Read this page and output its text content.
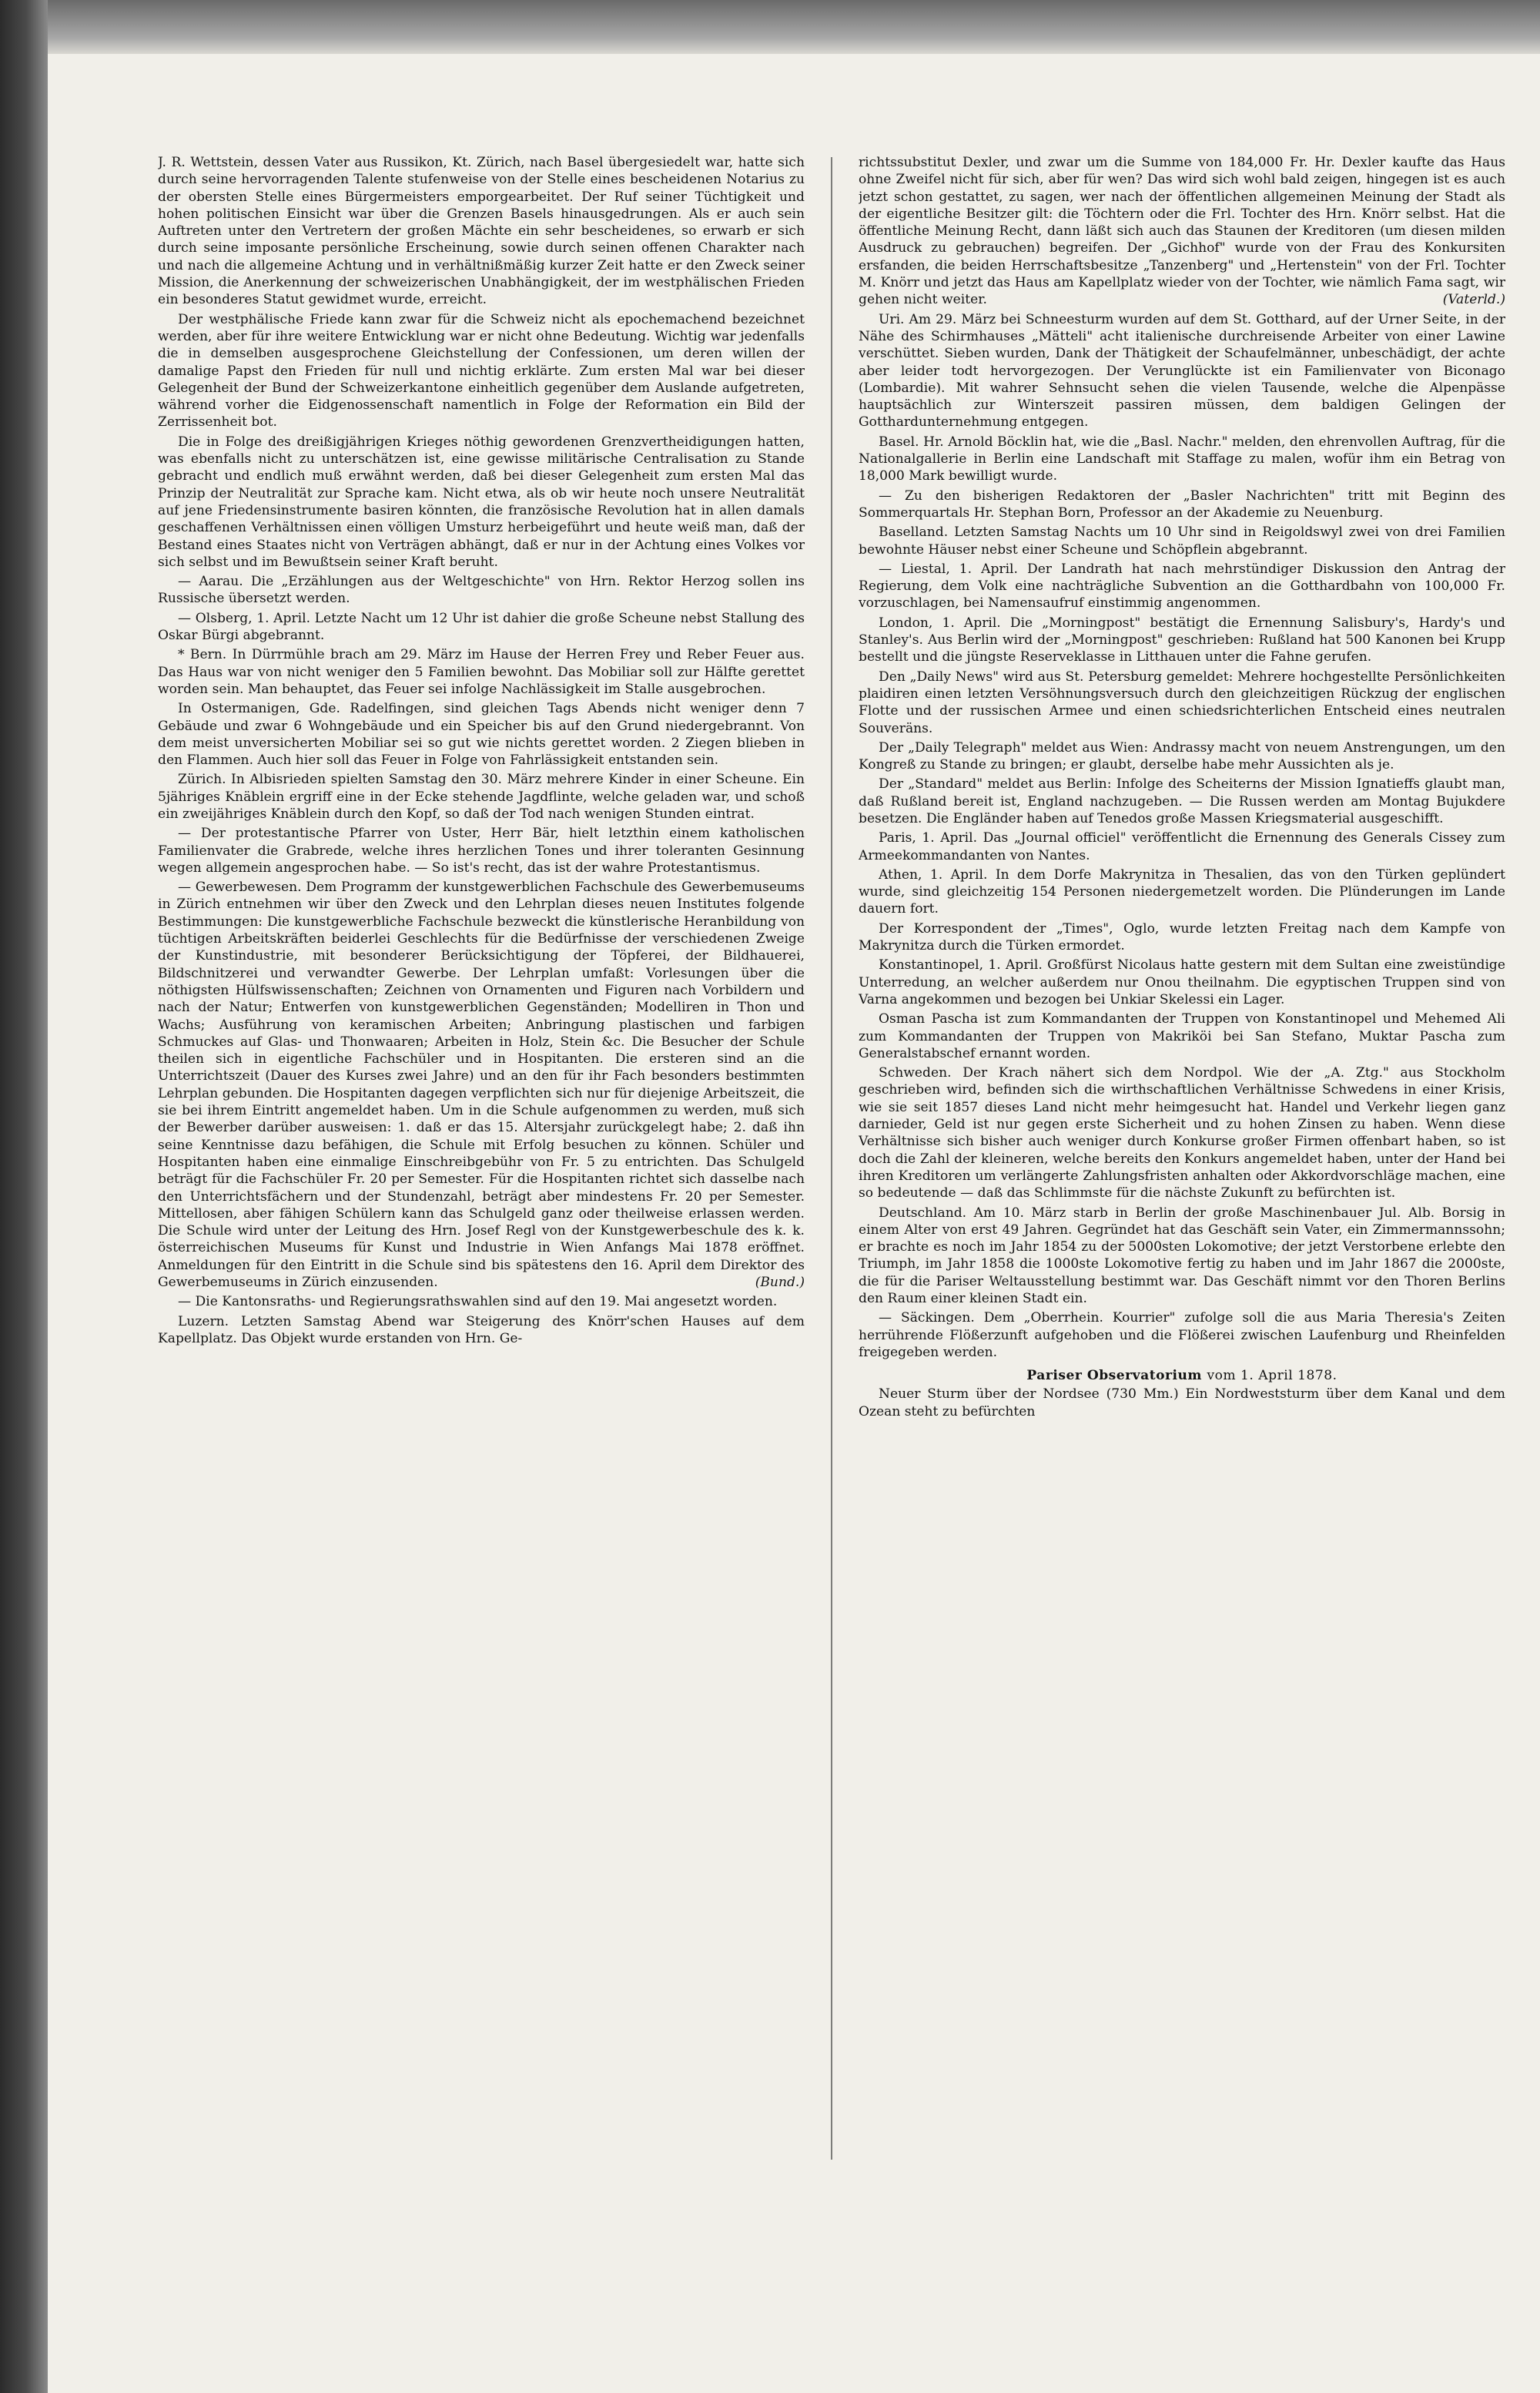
J. R. Wettstein, dessen Vater aus Russikon, Kt. Zürich, nach Basel übergesiedelt war, hatte sich durch seine hervorragenden Talente stufenweise von der Stelle eines bescheidenen Notarius zu der obersten Stelle eines Bürgermeisters emporgearbeitet. Der Ruf seiner Tüchtigkeit und hohen politischen Einsicht war über die Grenzen Basels hinausgedrungen. Als er auch sein Auftreten unter den Vertretern der großen Mächte ein sehr bescheidenes, so erwarb er sich durch seine imposante persönliche Erscheinung, sowie durch seinen offenen Charakter nach und nach die allgemeine Achtung und in verhältnißmäßig kurzer Zeit hatte er den Zweck seiner Mission, die Anerkennung der schweizerischen Unabhängigkeit, der im westphälischen Frieden ein besonderes Statut gewidmet wurde, erreicht.

Der westphälische Friede kann zwar für die Schweiz nicht als epochemachend bezeichnet werden, aber für ihre weitere Entwicklung war er nicht ohne Bedeutung. Wichtig war jedenfalls die in demselben ausgesprochene Gleichstellung der Confessionen, um deren willen der damalige Papst den Frieden für null und nichtig erklärte. Zum ersten Mal war bei dieser Gelegenheit der Bund der Schweizerkantone einheitlich gegenüber dem Auslande aufgetreten, während vorher die Eidgenossenschaft namentlich in Folge der Reformation ein Bild der Zerrissenheit bot.

Die in Folge des dreißigjährigen Krieges nöthig gewordenen Grenzvertheidigungen hatten, was ebenfalls nicht zu unterschätzen ist, eine gewisse militärische Centralisation zu Stande gebracht und endlich muß erwähnt werden, daß bei dieser Gelegenheit zum ersten Mal das Prinzip der Neutralität zur Sprache kam. Nicht etwa, als ob wir heute noch unsere Neutralität auf jene Friedensinstrumente basiren könnten, die französische Revolution hat in allen damals geschaffenen Verhältnissen einen völligen Umsturz herbeigeführt und heute weiß man, daß der Bestand eines Staates nicht von Verträgen abhängt, daß er nur in der Achtung eines Volkes vor sich selbst und im Bewußtsein seiner Kraft beruht.

— Aarau. Die „Erzählungen aus der Weltgeschichte" von Hrn. Rektor Herzog sollen ins Russische übersetzt werden.

— Olsberg, 1. April. Letzte Nacht um 12 Uhr ist dahier die große Scheune nebst Stallung des Oskar Bürgi abgebrannt.

* Bern. In Dürrmühle brach am 29. März im Hause der Herren Frey und Reber Feuer aus. Das Haus war von nicht weniger den 5 Familien bewohnt. Das Mobiliar soll zur Hälfte gerettet worden sein. Man behauptet, das Feuer sei infolge Nachlässigkeit im Stalle ausgebrochen.

In Ostermanigen, Gde. Radelfingen, sind gleichen Tags Abends nicht weniger denn 7 Gebäude und zwar 6 Wohngebäude und ein Speicher bis auf den Grund niedergebrannt. Von dem meist unversicherten Mobiliar sei so gut wie nichts gerettet worden. 2 Ziegen blieben in den Flammen. Auch hier soll das Feuer in Folge von Fahrlässigkeit entstanden sein.

Zürich. In Albisrieden spielten Samstag den 30. März mehrere Kinder in einer Scheune. Ein 5jähriges Knäblein ergriff eine in der Ecke stehende Jagdflinte, welche geladen war, und schoß ein zweijähriges Knäblein durch den Kopf, so daß der Tod nach wenigen Stunden eintrat.

— Der protestantische Pfarrer von Uster, Herr Bär, hielt letzthin einem katholischen Familienvater die Grabrede, welche ihres herzlichen Tones und ihrer toleranten Gesinnung wegen allgemein angesprochen habe. — So ist's recht, das ist der wahre Protestantismus.

— Gewerbewesen. Dem Programm der kunstgewerblichen Fachschule des Gewerbemuseums in Zürich entnehmen wir über den Zweck und den Lehrplan dieses neuen Institutes folgende Bestimmungen: Die kunstgewerbliche Fachschule bezweckt die künstlerische Heranbildung von tüchtigen Arbeitskräften beiderlei Geschlechts für die Bedürfnisse der verschiedenen Zweige der Kunstindustrie, mit besonderer Berücksichtigung der Töpferei, der Bildhauerei, Bildschnitzerei und verwandter Gewerbe. Der Lehrplan umfaßt: Vorlesungen über die nöthigsten Hülfswissenschaften; Zeichnen von Ornamenten und Figuren nach Vorbildern und nach der Natur; Entwerfen von kunstgewerblichen Gegenständen; Modelliren in Thon und Wachs; Ausführung von keramischen Arbeiten; Anbringung plastischen und farbigen Schmuckes auf Glas- und Thonwaaren; Arbeiten in Holz, Stein &c. Die Besucher der Schule theilen sich in eigentliche Fachschüler und in Hospitanten. Die ersteren sind an die Unterrichtszeit (Dauer des Kurses zwei Jahre) und an den für ihr Fach besonders bestimmten Lehrplan gebunden. Die Hospitanten dagegen verpflichten sich nur für diejenige Arbeitszeit, die sie bei ihrem Eintritt angemeldet haben. Um in die Schule aufgenommen zu werden, muß sich der Bewerber darüber ausweisen: 1. daß er das 15. Altersjahr zurückgelegt habe; 2. daß ihn seine Kenntnisse dazu befähigen, die Schule mit Erfolg besuchen zu können. Schüler und Hospitanten haben eine einmalige Einschreibgebühr von Fr. 5 zu entrichten. Das Schulgeld beträgt für die Fachschüler Fr. 20 per Semester. Für die Hospitanten richtet sich dasselbe nach den Unterrichtsfächern und der Stundenzahl, beträgt aber mindestens Fr. 20 per Semester. Mittellosen, aber fähigen Schülern kann das Schulgeld ganz oder theilweise erlassen werden. Die Schule wird unter der Leitung des Hrn. Josef Regl von der Kunstgewerbeschule des k. k. österreichischen Museums für Kunst und Industrie in Wien Anfangs Mai 1878 eröffnet. Anmeldungen für den Eintritt in die Schule sind bis spätestens den 16. April dem Direktor des Gewerbemuseums in Zürich einzusenden.	(Bund.)

— Die Kantonsraths- und Regierungsrathswahlen sind auf den 19. Mai angesetzt worden.

Luzern. Letzten Samstag Abend war Steigerung des Knörr'schen Hauses auf dem Kapellplatz. Das Objekt wurde erstanden von Hrn. Ge-

richtssubstitut Dexler, und zwar um die Summe von 184,000 Fr. Hr. Dexler kaufte das Haus ohne Zweifel nicht für sich, aber für wen? Das wird sich wohl bald zeigen, hingegen ist es auch jetzt schon gestattet, zu sagen, wer nach der öffentlichen allgemeinen Meinung der Stadt als der eigentliche Besitzer gilt: die Töchtern oder die Frl. Tochter des Hrn. Knörr selbst. Hat die öffentliche Meinung Recht, dann läßt sich auch das Staunen der Kreditoren (um diesen milden Ausdruck zu gebrauchen) begreifen. Der „Gichhof" wurde von der Frau des Konkursiten ersfanden, die beiden Herrschaftsbesitze „Tanzenberg" und „Hertenstein" von der Frl. Tochter M. Knörr und jetzt das Haus am Kapellplatz wieder von der Tochter, wie nämlich Fama sagt, wir gehen nicht weiter.	(Vaterld.)

Uri. Am 29. März bei Schneesturm wurden auf dem St. Gotthard, auf der Urner Seite, in der Nähe des Schirmhauses „Mätteli" acht italienische durchreisende Arbeiter von einer Lawine verschüttet. Sieben wurden, Dank der Thätigkeit der Schaufelmänner, unbeschädigt, der achte aber leider todt hervorgezogen. Der Verunglückte ist ein Familienvater von Biconago (Lombardie). Mit wahrer Sehnsucht sehen die vielen Tausende, welche die Alpenpässe hauptsächlich zur Winterszeit passiren müssen, dem baldigen Gelingen der Gotthardunternehmung entgegen.

Basel. Hr. Arnold Böcklin hat, wie die „Basl. Nachr." melden, den ehrenvollen Auftrag, für die Nationalgallerie in Berlin eine Landschaft mit Staffage zu malen, wofür ihm ein Betrag von 18,000 Mark bewilligt wurde.

— Zu den bisherigen Redaktoren der „Basler Nachrichten" tritt mit Beginn des Sommerquartals Hr. Stephan Born, Professor an der Akademie zu Neuenburg.

Baselland. Letzten Samstag Nachts um 10 Uhr sind in Reigoldswyl zwei von drei Familien bewohnte Häuser nebst einer Scheune und Schöpflein abgebrannt.

— Liestal, 1. April. Der Landrath hat nach mehrstündiger Diskussion den Antrag der Regierung, dem Volk eine nachträgliche Subvention an die Gotthardbahn von 100,000 Fr. vorzuschlagen, bei Namensaufruf einstimmig angenommen.

London, 1. April. Die „Morningpost" bestätigt die Ernennung Salisbury's, Hardy's und Stanley's. Aus Berlin wird der „Morningpost" geschrieben: Rußland hat 500 Kanonen bei Krupp bestellt und die jüngste Reserveklasse in Litthauen unter die Fahne gerufen.

Den „Daily News" wird aus St. Petersburg gemeldet: Mehrere hochgestellte Persönlichkeiten plaidiren einen letzten Versöhnungsversuch durch den gleichzeitigen Rückzug der englischen Flotte und der russischen Armee und einen schiedsrichterlichen Entscheid eines neutralen Souveräns.

Der „Daily Telegraph" meldet aus Wien: Andrassy macht von neuem Anstrengungen, um den Kongreß zu Stande zu bringen; er glaubt, derselbe habe mehr Aussichten als je.

Der „Standard" meldet aus Berlin: Infolge des Scheiterns der Mission Ignatieffs glaubt man, daß Rußland bereit ist, England nachzugeben. — Die Russen werden am Montag Bujukdere besetzen. Die Engländer haben auf Tenedos große Massen Kriegsmaterial ausgeschifft.

Paris, 1. April. Das „Journal officiel" veröffentlicht die Ernennung des Generals Cissey zum Armeekommandanten von Nantes.

Athen, 1. April. In dem Dorfe Makrynitza in Thesalien, das von den Türken geplündert wurde, sind gleichzeitig 154 Personen niedergemetzelt worden. Die Plünderungen im Lande dauern fort.

Der Korrespondent der „Times", Oglo, wurde letzten Freitag nach dem Kampfe von Makrynitza durch die Türken ermordet.

Konstantinopel, 1. April. Großfürst Nicolaus hatte gestern mit dem Sultan eine zweistündige Unterredung, an welcher außerdem nur Onou theilnahm. Die egyptischen Truppen sind von Varna angekommen und bezogen bei Unkiar Skelessi ein Lager.

Osman Pascha ist zum Kommandanten der Truppen von Konstantinopel und Mehemed Ali zum Kommandanten der Truppen von Makriköi bei San Stefano, Muktar Pascha zum Generalstabschef ernannt worden.

Schweden. Der Krach nähert sich dem Nordpol. Wie der „A. Ztg." aus Stockholm geschrieben wird, befinden sich die wirthschaftlichen Verhältnisse Schwedens in einer Krisis, wie sie seit 1857 dieses Land nicht mehr heimgesucht hat. Handel und Verkehr liegen ganz darnieder, Geld ist nur gegen erste Sicherheit und zu hohen Zinsen zu haben. Wenn diese Verhältnisse sich bisher auch weniger durch Konkurse großer Firmen offenbart haben, so ist doch die Zahl der kleineren, welche bereits den Konkurs angemeldet haben, unter der Hand bei ihren Kreditoren um verlängerte Zahlungsfristen anhalten oder Akkordvorschläge machen, eine so bedeutende — daß das Schlimmste für die nächste Zukunft zu befürchten ist.

Deutschland. Am 10. März starb in Berlin der große Maschinenbauer Jul. Alb. Borsig in einem Alter von erst 49 Jahren. Gegründet hat das Geschäft sein Vater, ein Zimmermannssohn; er brachte es noch im Jahr 1854 zu der 5000sten Lokomotive; der jetzt Verstorbene erlebte den Triumph, im Jahr 1858 die 1000ste Lokomotive fertig zu haben und im Jahr 1867 die 2000ste, die für die Pariser Weltausstellung bestimmt war. Das Geschäft nimmt vor den Thoren Berlins den Raum einer kleinen Stadt ein.

— Säckingen. Dem „Oberrhein. Kourrier" zufolge soll die aus Maria Theresia's Zeiten herrührende Flößerzunft aufgehoben und die Flößerei zwischen Laufenburg und Rheinfelden freigegeben werden.

Pariser Observatorium vom 1. April 1878.

Neuer Sturm über der Nordsee (730 Mm.) Ein Nordweststurm über dem Kanal und dem Ozean steht zu befürchten
